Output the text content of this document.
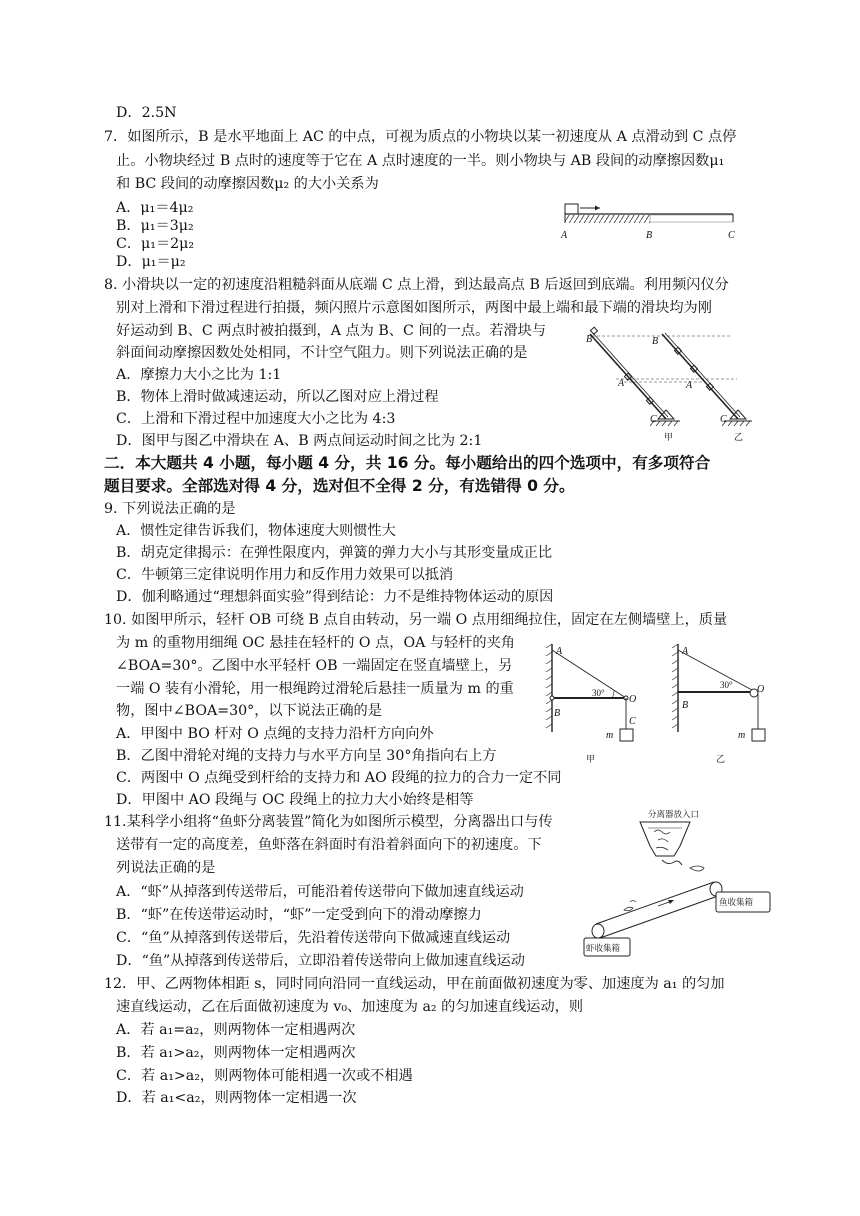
D．2.5N
7．如图所示，B 是水平地面上 AC 的中点，可视为质点的小物块以某一初速度从 A 点滑动到 C 点停
止。小物块经过 B 点时的速度等于它在 A 点时速度的一半。则小物块与 AB 段间的动摩擦因数μ₁
和 BC 段间的动摩擦因数μ₂ 的大小关系为
A．μ₁＝4μ₂
B．μ₁＝3μ₂
C．μ₁＝2μ₂
D．μ₁＝μ₂
8. 小滑块以一定的初速度沿粗糙斜面从底端 C 点上滑，到达最高点 B 后返回到底端。利用频闪仪分
别对上滑和下滑过程进行拍摄，频闪照片示意图如图所示，两图中最上端和最下端的滑块均为刚
好运动到 B、C 两点时被拍摄到，A 点为 B、C 间的一点。若滑块与
斜面间动摩擦因数处处相同，不计空气阻力。则下列说法正确的是
A．摩擦力大小之比为 1:1
B．物体上滑时做减速运动，所以乙图对应上滑过程
C．上滑和下滑过程中加速度大小之比为 4:3
D．图甲与图乙中滑块在 A、B 两点间运动时间之比为 2:1
二．本大题共 4 小题，每小题 4 分，共 16 分。每小题给出的四个选项中，有多项符合
题目要求。全部选对得 4 分，选对但不全得 2 分，有选错得 0 分。
9. 下列说法正确的是
A．惯性定律告诉我们，物体速度大则惯性大
B．胡克定律揭示：在弹性限度内，弹簧的弹力大小与其形变量成正比
C．牛顿第三定律说明作用力和反作用力效果可以抵消
D．伽利略通过“理想斜面实验”得到结论：力不是维持物体运动的原因
10. 如图甲所示，轻杆 OB 可绕 B 点自由转动，另一端 O 点用细绳拉住，固定在左侧墙壁上，质量
为 m 的重物用细绳 OC 悬挂在轻杆的 O 点，OA 与轻杆的夹角
∠BOA=30°。乙图中水平轻杆 OB 一端固定在竖直墙壁上，另
一端 O 装有小滑轮，用一根绳跨过滑轮后悬挂一质量为 m 的重
物，图中∠BOA=30°，以下说法正确的是
A．甲图中 BO 杆对 O 点绳的支持力沿杆方向向外
B．乙图中滑轮对绳的支持力与水平方向呈 30°角指向右上方
C．两图中 O 点绳受到杆给的支持力和 AO 段绳的拉力的合力一定不同
D．甲图中 AO 段绳与 OC 段绳上的拉力大小始终是相等
11.某科学小组将“鱼虾分离装置”简化为如图所示模型，分离器出口与传
送带有一定的高度差，鱼虾落在斜面时有沿着斜面向下的初速度。下
列说法正确的是
A．“虾”从掉落到传送带后，可能沿着传送带向下做加速直线运动
B．“虾”在传送带运动时，“虾”一定受到向下的滑动摩擦力
C．“鱼”从掉落到传送带后，先沿着传送带向下做减速直线运动
D．“鱼”从掉落到传送带后，立即沿着传送带向上做加速直线运动
12．甲、乙两物体相距 s，同时同向沿同一直线运动，甲在前面做初速度为零、加速度为 a₁ 的匀加
速直线运动，乙在后面做初速度为 v₀、加速度为 a₂ 的匀加速直线运动，则
A．若 a₁=a₂，则两物体一定相遇两次
B．若 a₁>a₂，则两物体一定相遇两次
C．若 a₁>a₂，则两物体可能相遇一次或不相遇
D．若 a₁<a₂，则两物体一定相遇一次
A	B	C
B
A
C
B
A
C
甲	乙
A
B
O
C
m
30°
甲
A
B
O
m
30°
乙
分离器放入口
鱼收集箱
虾收集箱
